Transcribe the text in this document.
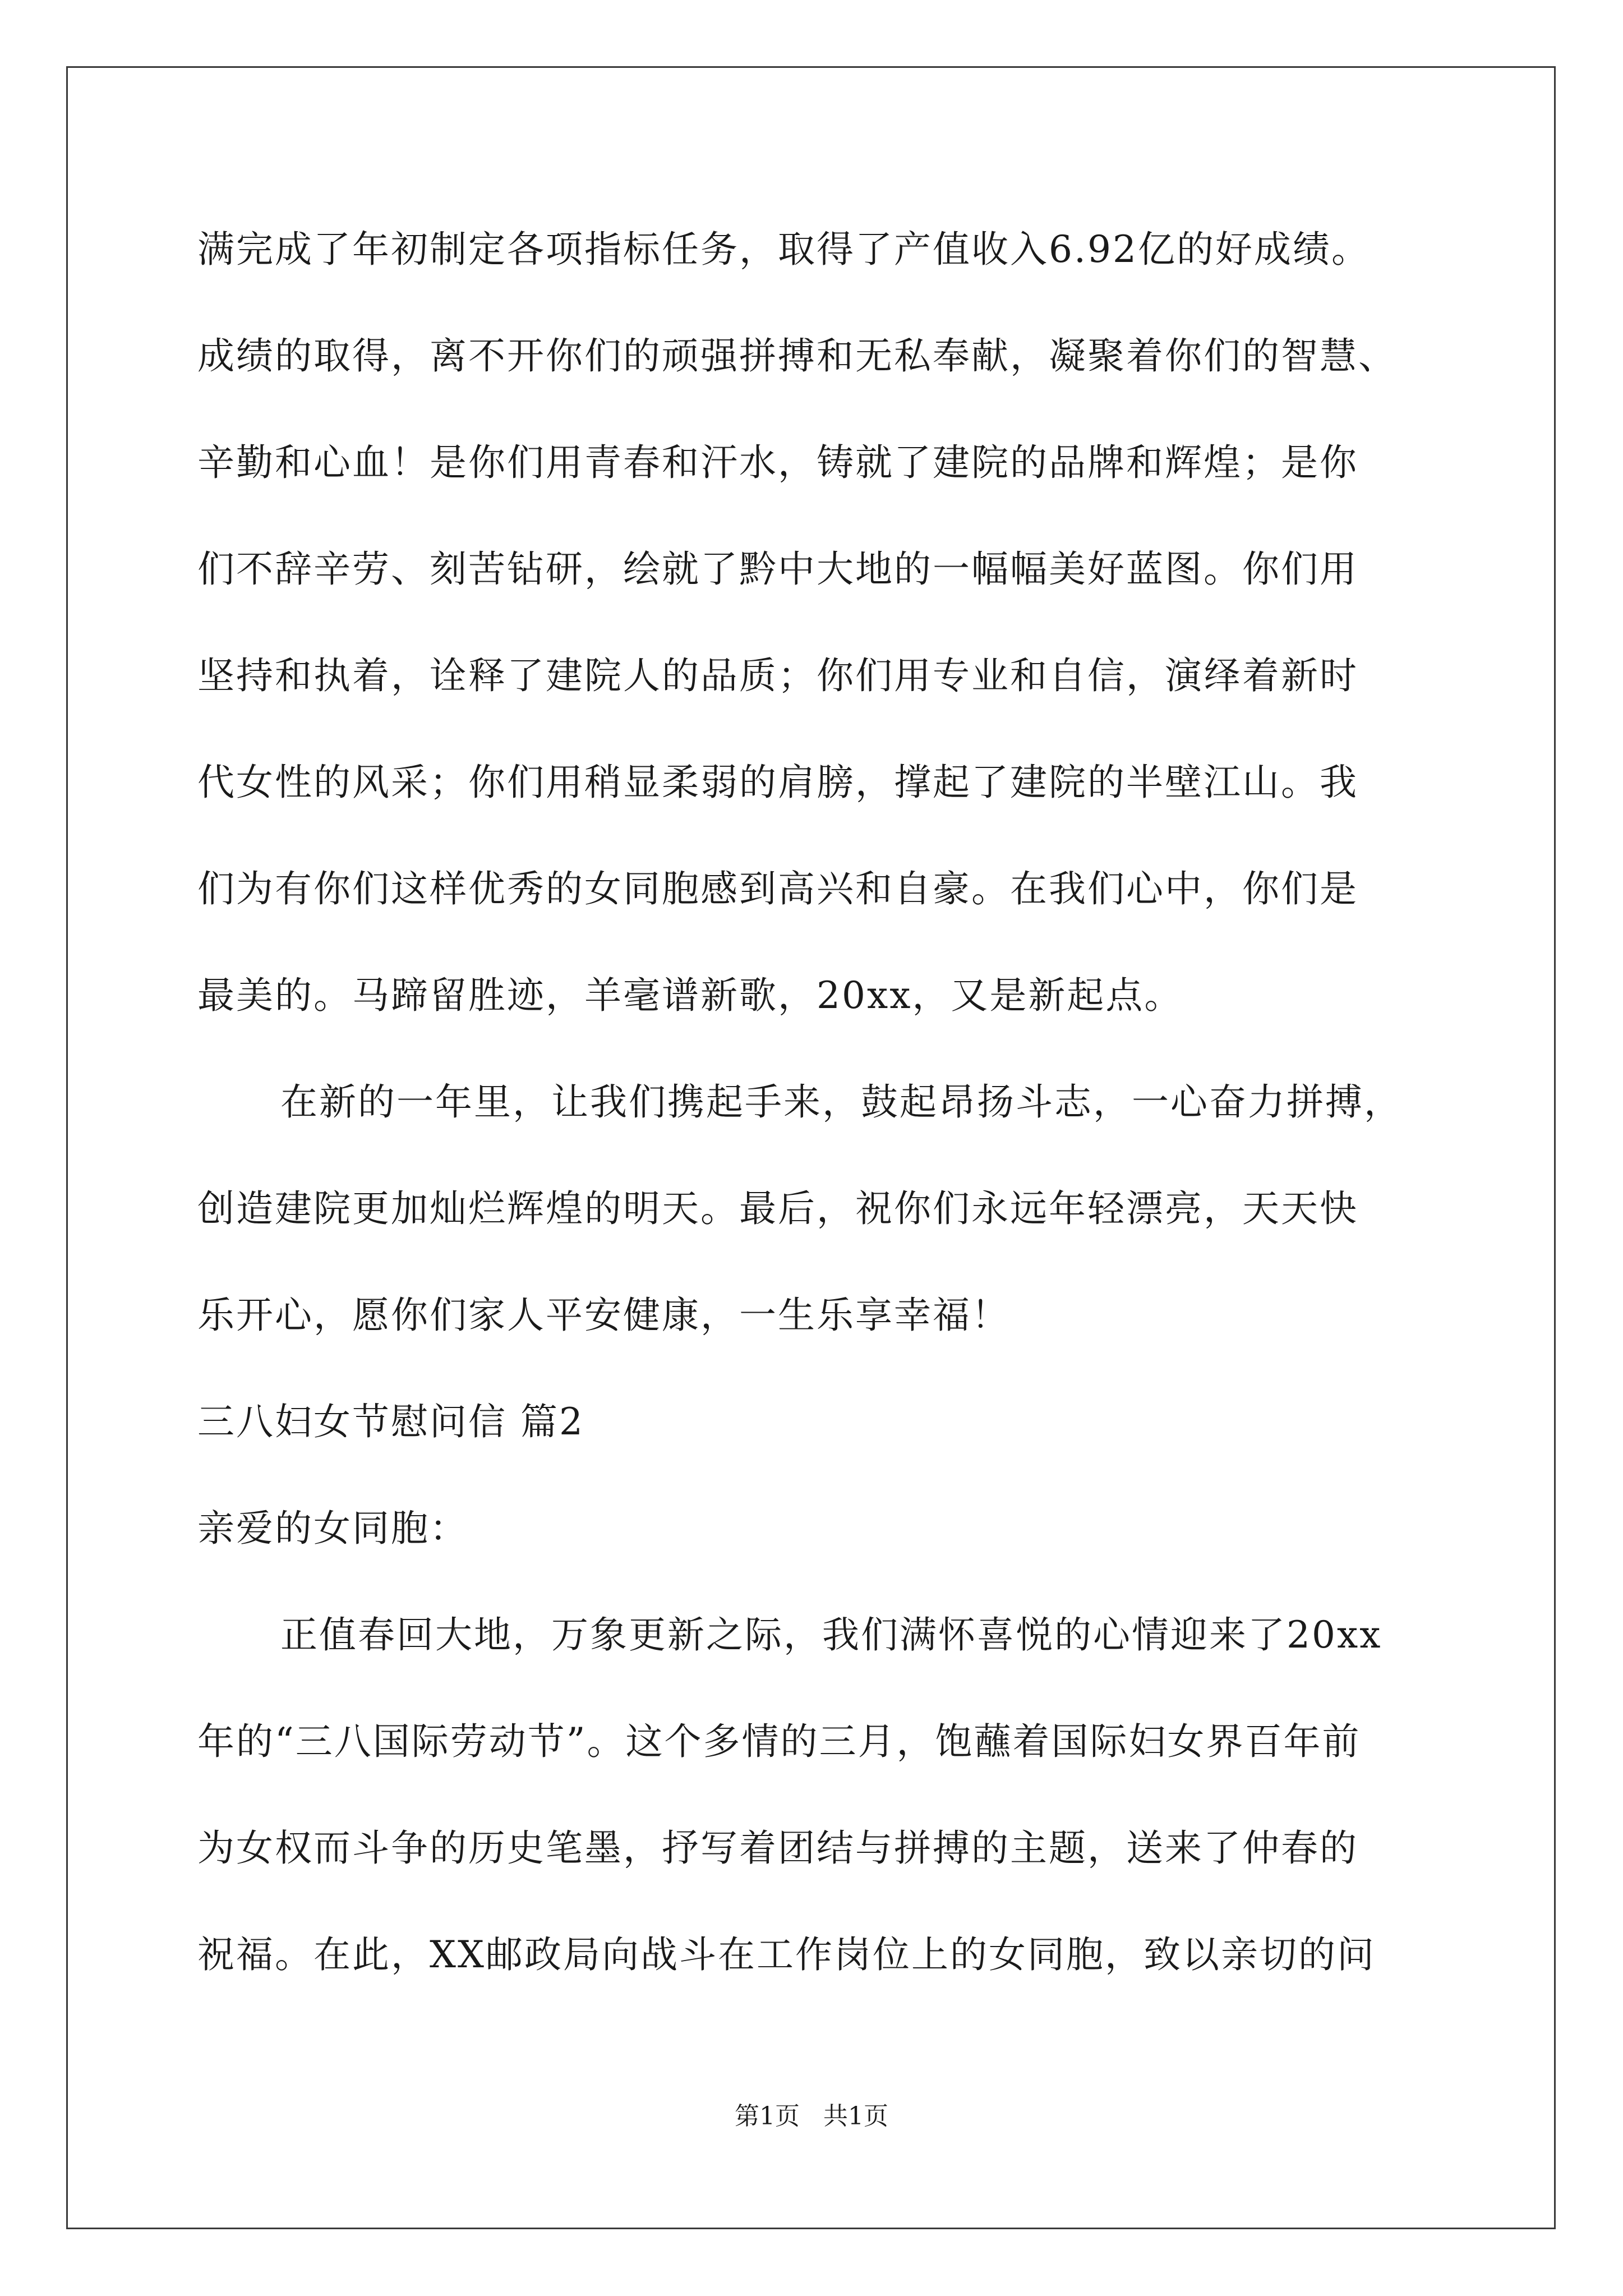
满完成了年初制定各项指标任务，取得了产值收入6.92亿的好成绩。
成绩的取得，离不开你们的顽强拼搏和无私奉献，凝聚着你们的智慧、
辛勤和心血！是你们用青春和汗水，铸就了建院的品牌和辉煌；是你
们不辞辛劳、刻苦钻研，绘就了黔中大地的一幅幅美好蓝图。你们用
坚持和执着，诠释了建院人的品质；你们用专业和自信，演绎着新时
代女性的风采；你们用稍显柔弱的肩膀，撑起了建院的半壁江山。我
们为有你们这样优秀的女同胞感到高兴和自豪。在我们心中，你们是
最美的。马蹄留胜迹，羊毫谱新歌，20xx，又是新起点。
在新的一年里，让我们携起手来，鼓起昂扬斗志，一心奋力拼搏，
创造建院更加灿烂辉煌的明天。最后，祝你们永远年轻漂亮，天天快
乐开心，愿你们家人平安健康，一生乐享幸福！
三八妇女节慰问信 篇2
亲爱的女同胞：
正值春回大地，万象更新之际，我们满怀喜悦的心情迎来了20xx
年的“三八国际劳动节”。这个多情的三月，饱蘸着国际妇女界百年前
为女权而斗争的历史笔墨，抒写着团结与拼搏的主题，送来了仲春的
祝福。在此，XX邮政局向战斗在工作岗位上的女同胞，致以亲切的问
第1页   共1页
